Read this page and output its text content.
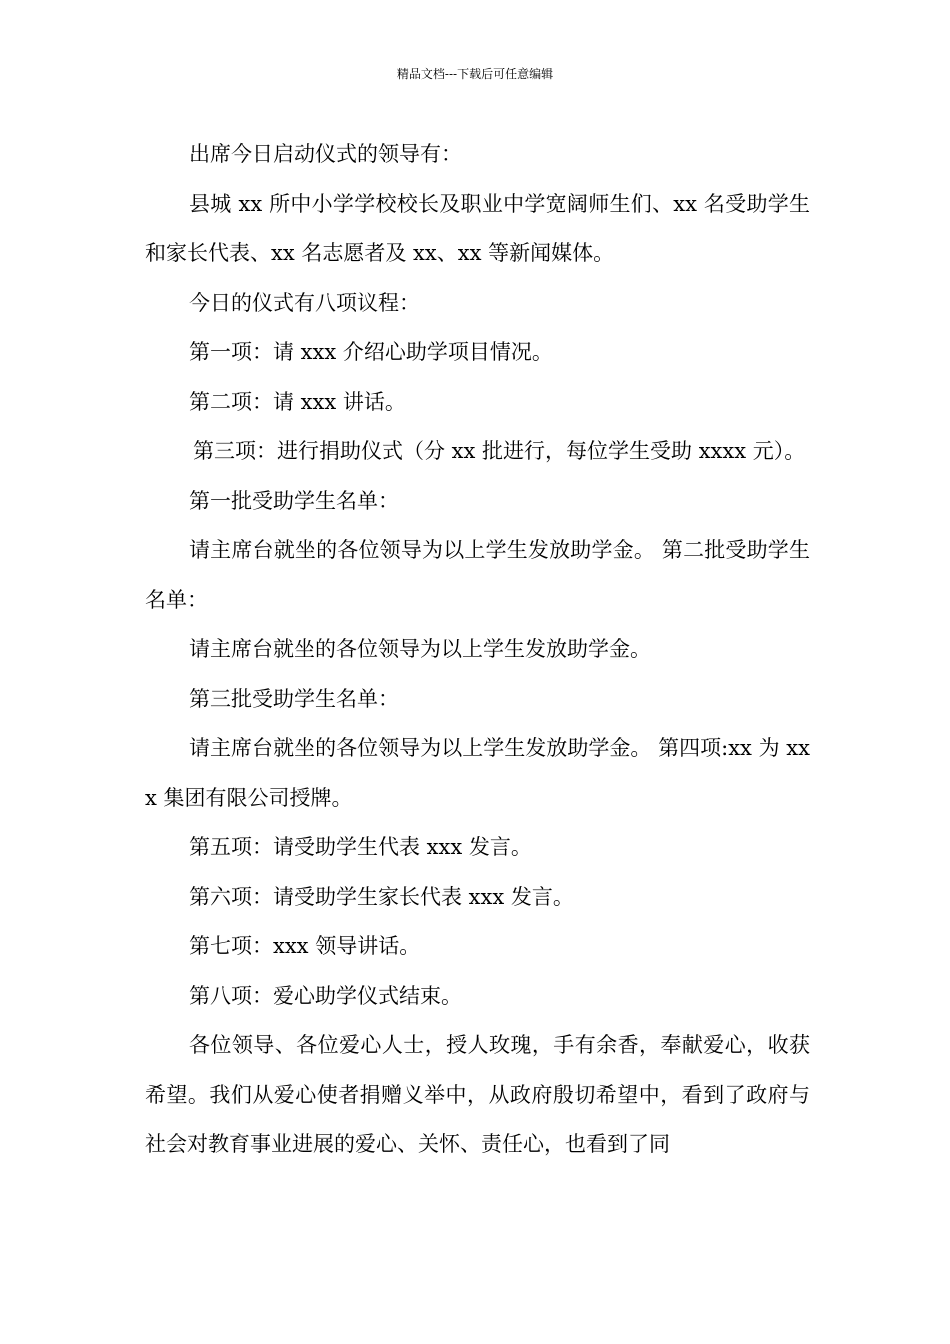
精品文档---下载后可任意编辑

出席今日启动仪式的领导有：

县城 xx 所中小学学校校长及职业中学宽阔师生们、xx 名受助学生和家长代表、xx 名志愿者及 xx、xx 等新闻媒体。

今日的仪式有八项议程：

第一项：请 xxx 介绍心助学项目情况。

第二项：请 xxx 讲话。

第三项：进行捐助仪式（分 xx 批进行，每位学生受助 xxxx 元）。

第一批受助学生名单：

请主席台就坐的各位领导为以上学生发放助学金。 第二批受助学生名单：

请主席台就坐的各位领导为以上学生发放助学金。

第三批受助学生名单：

请主席台就坐的各位领导为以上学生发放助学金。 第四项:xx 为 xxx 集团有限公司授牌。

第五项：请受助学生代表 xxx 发言。

第六项：请受助学生家长代表 xxx 发言。

第七项：xxx 领导讲话。

第八项：爱心助学仪式结束。

各位领导、各位爱心人士，授人玫瑰，手有余香，奉献爱心，收获希望。我们从爱心使者捐赠义举中，从政府殷切希望中，看到了政府与社会对教育事业进展的爱心、关怀、责任心，也看到了同
